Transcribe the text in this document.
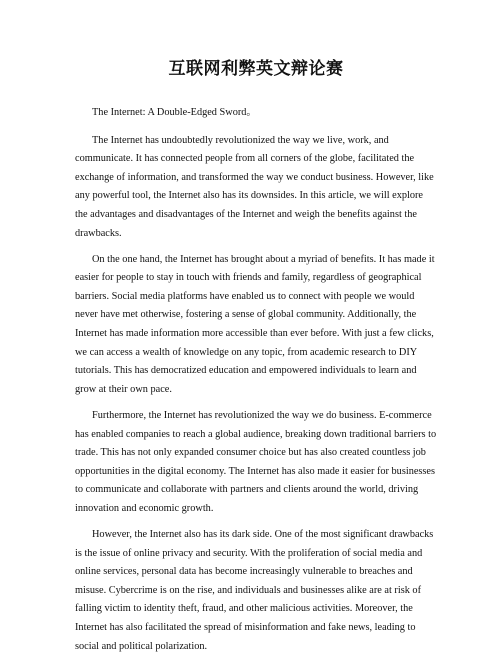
互联网利弊英文辩论赛

The Internet: A Double-Edged Sword。

The Internet has undoubtedly revolutionized the way we live, work, and communicate. It has connected people from all corners of the globe, facilitated the exchange of information, and transformed the way we conduct business. However, like any powerful tool, the Internet also has its downsides. In this article, we will explore the advantages and disadvantages of the Internet and weigh the benefits against the drawbacks.

On the one hand, the Internet has brought about a myriad of benefits. It has made it easier for people to stay in touch with friends and family, regardless of geographical barriers. Social media platforms have enabled us to connect with people we would never have met otherwise, fostering a sense of global community. Additionally, the Internet has made information more accessible than ever before. With just a few clicks, we can access a wealth of knowledge on any topic, from academic research to DIY tutorials. This has democratized education and empowered individuals to learn and grow at their own pace.

Furthermore, the Internet has revolutionized the way we do business. E-commerce has enabled companies to reach a global audience, breaking down traditional barriers to trade. This has not only expanded consumer choice but has also created countless job opportunities in the digital economy. The Internet has also made it easier for businesses to communicate and collaborate with partners and clients around the world, driving innovation and economic growth.

However, the Internet also has its dark side. One of the most significant drawbacks is the issue of online privacy and security. With the proliferation of social media and online services, personal data has become increasingly vulnerable to breaches and misuse. Cybercrime is on the rise, and individuals and businesses alike are at risk of falling victim to identity theft, fraud, and other malicious activities. Moreover, the Internet has also facilitated the spread of misinformation and fake news, leading to social and political polarization.
